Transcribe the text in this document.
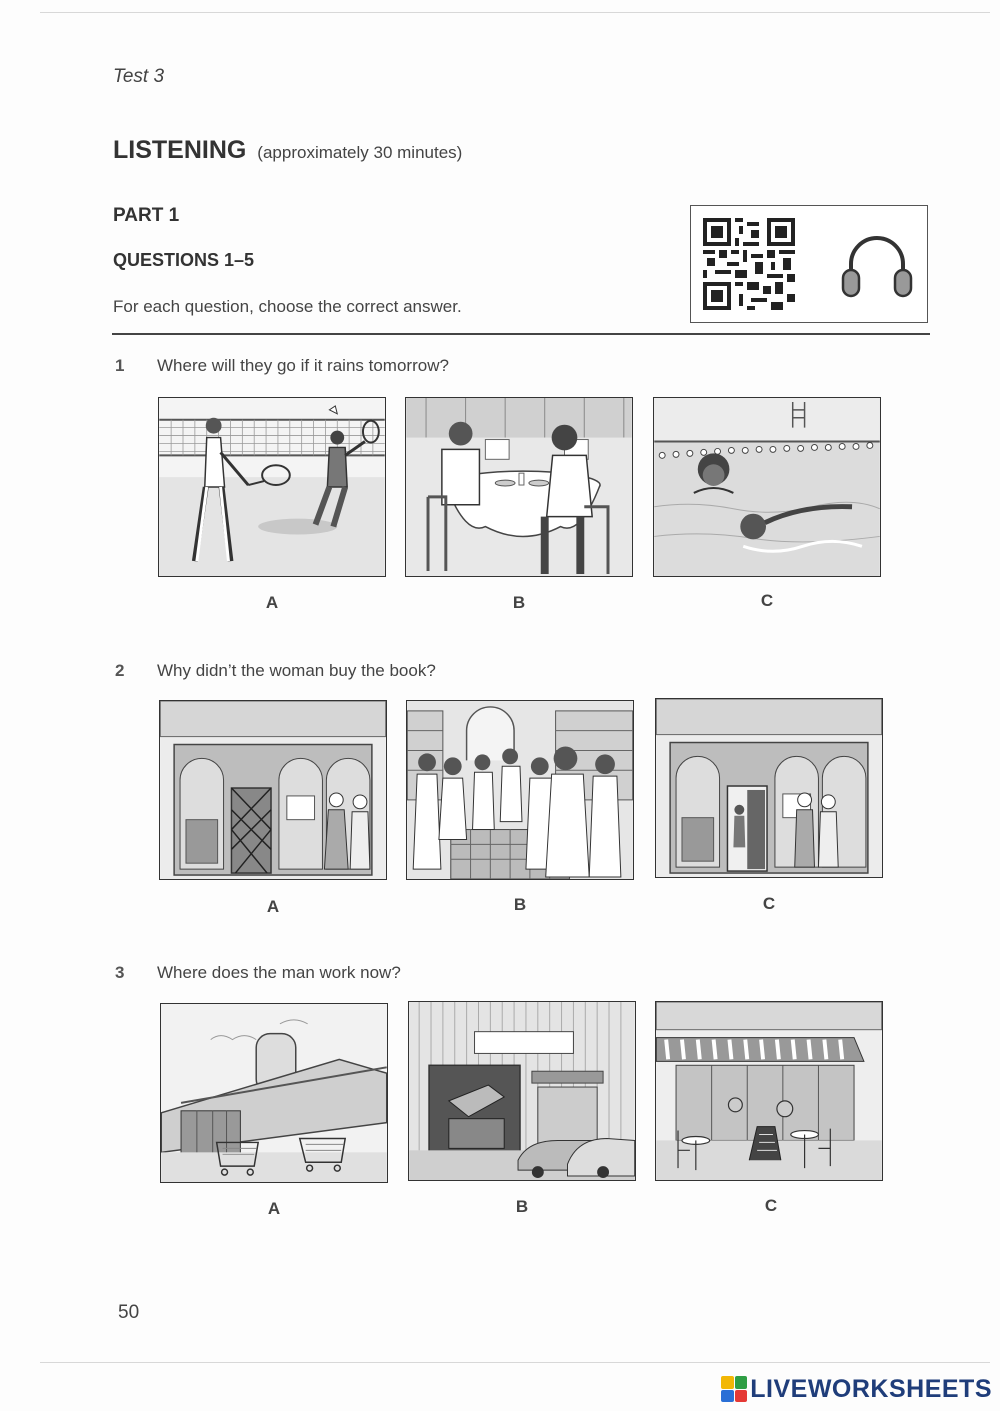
Test 3
LISTENING (approximately 30 minutes)
PART 1
QUESTIONS 1–5
For each question, choose the correct answer.
1 Where will they go if it rains tomorrow?
A	B	C
2 Why didn’t the woman buy the book?
A	B	C
3 Where does the man work now?
A	B	C
50
LIVEWORKSHEETS
